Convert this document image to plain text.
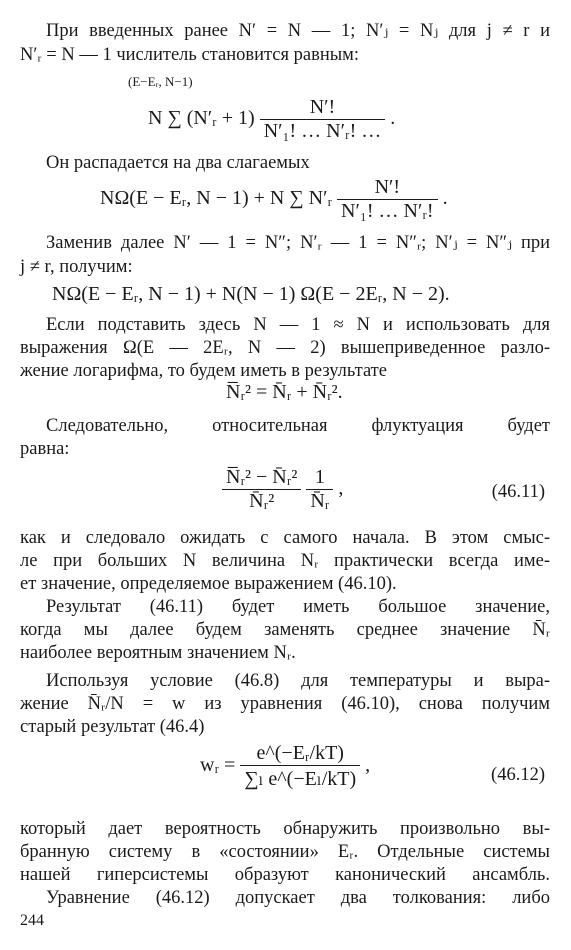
При введенных ранее N′ = N — 1; N′ⱼ = Nⱼ для j ≠ r и
N′ᵣ = N — 1 числитель становится равным:
(E−Eᵣ, N−1)
N ∑ (N′ᵣ + $1) \frac{N'!}{\text{N′₁! … N′ᵣ! …}}$ .
Он распадается на два слагаемых
NΩ(E − Eᵣ, N − 1) + N ∑ N′ᵣ $\frac{N'!}{\text{N′₁! … N′ᵣ!}}$ .
Заменив далее N′ — 1 = N″; N′ᵣ — 1 = N″ᵣ; N′ⱼ = N″ⱼ при
j ≠ r, получим:
NΩ(E − Eᵣ, N − 1) + N(N − 1) Ω(E − 2Eᵣ, N − 2).
Если подставить здесь N — 1 ≈ N и использовать для
выражения Ω(E — 2Eᵣ, N — 2) вышеприведенное разло-
жение логарифма, то будем иметь в результате
N̅ᵣ² = N̄ᵣ + N̄ᵣ².
Следовательно, относительная флуктуация будет
равна:
$\frac{\text{N̅ᵣ² − N̄ᵣ²}}{\text{N̄ᵣ²}}$
$\frac{1}{\text{N̄ᵣ}}$ ,	(46.11)
как и следовало ожидать с самого начала. В этом смыс-
ле при больших N величина Nᵣ практически всегда име-
ет значение, определяемое выражением (46.10).
Результат (46.11) будет иметь большое значение,
когда мы далее будем заменять среднее значение N̄ᵣ
наиболее вероятным значением Nᵣ.
Используя условие (46.8) для температуры и выра-
жение N̄ᵣ/N = w из уравнения (46.10), снова получим
старый результат (46.4)
wᵣ = $\frac{\text{e\textasciicircum{}(−Eᵣ/kT)}}{\text{∑ₗ e\textasciicircum{}(−Eₗ/kT)}}$ ,	(46.12)
который дает вероятность обнаружить произвольно вы-
бранную систему в «состоянии» Eᵣ. Отдельные системы
нашей гиперсистемы образуют канонический ансамбль.
Уравнение (46.12) допускает два толкования: либо
244
